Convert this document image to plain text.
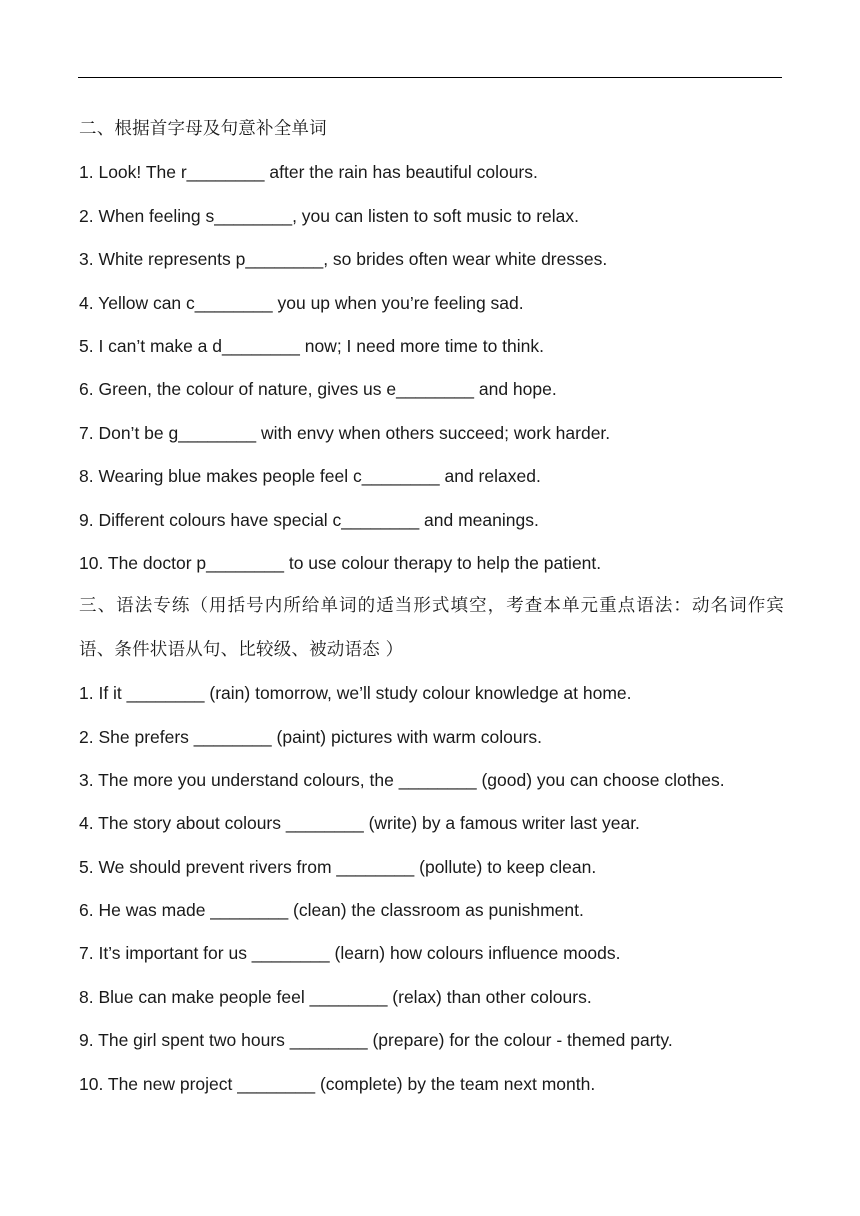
二、根据首字母及句意补全单词
1. Look! The r________ after the rain has beautiful colours.
2. When feeling s________, you can listen to soft music to relax.
3. White represents p________, so brides often wear white dresses.
4. Yellow can c________ you up when you’re feeling sad.
5. I can’t make a d________ now; I need more time to think.
6. Green, the colour of nature, gives us e________ and hope.
7. Don’t be g________ with envy when others succeed; work harder.
8. Wearing blue makes people feel c________ and relaxed.
9. Different colours have special c________ and meanings.
10. The doctor p________ to use colour therapy to help the patient.
三、语法专练（用括号内所给单词的适当形式填空，考查本单元重点语法：动名词作宾语、条件状语从句、比较级、被动语态 ）
1. If it ________ (rain) tomorrow, we’ll study colour knowledge at home.
2. She prefers ________ (paint) pictures with warm colours.
3. The more you understand colours, the ________ (good) you can choose clothes.
4. The story about colours ________ (write) by a famous writer last year.
5. We should prevent rivers from ________ (pollute) to keep clean.
6. He was made ________ (clean) the classroom as punishment.
7. It’s important for us ________ (learn) how colours influence moods.
8. Blue can make people feel ________ (relax) than other colours.
9. The girl spent two hours ________ (prepare) for the colour - themed party.
10. The new project ________ (complete) by the team next month.
